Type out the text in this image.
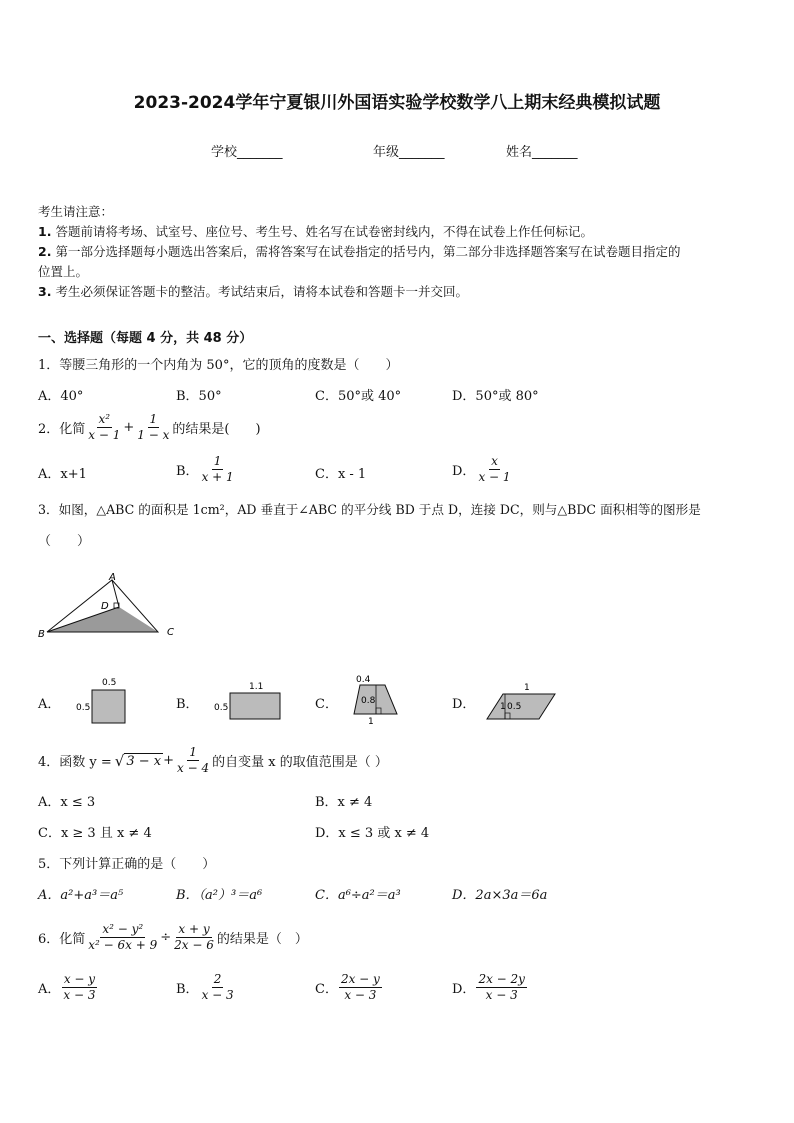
2023-2024学年宁夏银川外国语实验学校数学八上期末经典模拟试题
学校_______	年级_______	姓名_______
考生请注意：
1. 答题前请将考场、试室号、座位号、考生号、姓名写在试卷密封线内，不得在试卷上作任何标记。
2. 第一部分选择题每小题选出答案后，需将答案写在试卷指定的括号内，第二部分非选择题答案写在试卷题目指定的
位置上。
3. 考生必须保证答题卡的整洁。考试结束后，请将本试卷和答题卡一并交回。
一、选择题（每题 4 分，共 48 分）
1．等腰三角形的一个内角为 50°，它的顶角的度数是（　　）
A．40°	B．50°	C．50°或 40°	D．50°或 80°
2．化简 $\frac{\text{x²}}{x - 1} + \frac{1}{1 - x}$ 的结果是(　　)
A．x+1	B． $\frac{1}{x + 1}$	C．x - 1	D． $\frac{x}{x - 1}$
3．如图，△ABC 的面积是 1cm²，AD 垂直于∠ABC 的平分线 BD 于点 D，连接 DC，则与△BDC 面积相等的图形是
（　　）
A
D
B	C
A．
0.5
0.5	B．
1.1
0.5	C．
0.4
0.8
1
D．
1
0.5
1
4．函数 y = √ $3 - x + \frac{1}{x - 4}$ 的自变量 x 的取值范围是（ ）
A．x ≤ 3	B．x ≠ 4
C．x ≥ 3 且 x ≠ 4	D．x ≤ 3 或 x ≠ 4
5．下列计算正确的是（　　）
A．a²+a³＝a⁵	B．（a²）³＝a⁶	C．a⁶÷a²＝a³	D．2a×3a＝6a
6．化简 $\frac{\text{x² − y²}}{\text{x² − 6x + 9}} \div \frac{x + y}{2x - 6}$ 的结果是（　）
A． $\frac{x - y}{x - 3}$	B． $\frac{2}{x - 3}$	C． $\frac{2x - y}{x - 3}$	D． $\frac{2x - 2y}{x - 3}$
